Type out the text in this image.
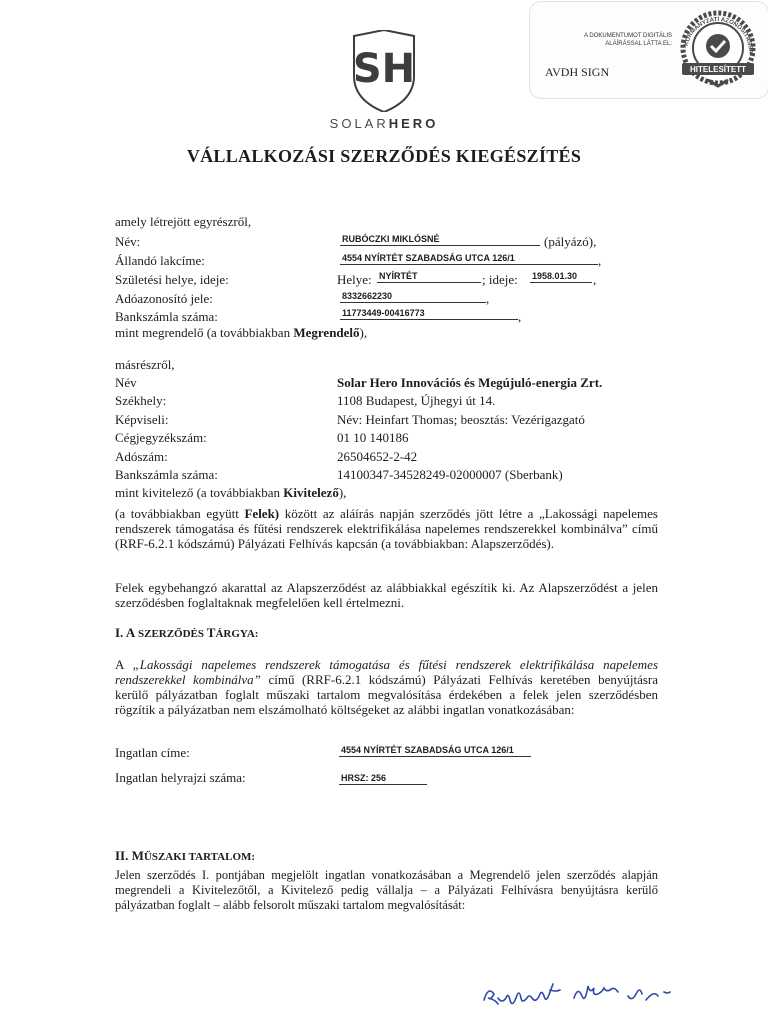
A DOKUMENTUMOT DIGITÁLIS
ALÁÍRÁSSAL LÁTTA EL:
AVDH SIGN
KORMÁNYZATI AZONOSÍTÁSSA
HITELESÍTETT
SH
SOLARHERO
VÁLLALKOZÁSI SZERZŐDÉS KIEGÉSZÍTÉS
amely létrejött egyrészről,
Név:	RUBÓCZKI MIKLÓSNÉ	(pályázó),
Állandó lakcíme:	4554 NYÍRTÉT SZABADSÁG UTCA 126/1	,
Születési helye, ideje:	Helye: NYÍRTÉT	; ideje: 1958.01.30	,
Adóazonosító jele:	8332662230	,
Bankszámla száma:	11773449-00416773	,
mint megrendelő (a továbbiakban Megrendelő),
másrészről,
Név	Solar Hero Innovációs és Megújuló-energia Zrt.
Székhely:	1108 Budapest, Újhegyi út 14.
Képviseli:	Név: Heinfart Thomas; beosztás: Vezérigazgató
Cégjegyzékszám:	01 10 140186
Adószám:	26504652-2-42
Bankszámla száma:	14100347-34528249-02000007 (Sberbank)
mint kivitelező (a továbbiakban Kivitelező),
(a továbbiakban együtt Felek) között az aláírás napján szerződés jött létre a „Lakossági napelemes rendszerek támogatása és fűtési rendszerek elektrifikálása napelemes rendszerekkel kombinálva” című (RRF-6.2.1 kódszámú) Pályázati Felhívás kapcsán (a továbbiakban: Alapszerződés).
Felek egybehangzó akarattal az Alapszerződést az alábbiakkal egészítik ki. Az Alapszerződést a jelen szerződésben foglaltaknak megfelelően kell értelmezni.
I. A SZERZŐDÉS TÁRGYA:
A „Lakossági napelemes rendszerek támogatása és fűtési rendszerek elektrifikálása napelemes rendszerekkel kombinálva” című (RRF-6.2.1 kódszámú) Pályázati Felhívás keretében benyújtásra kerülő pályázatban foglalt műszaki tartalom megvalósítása érdekében a felek jelen szerződésben rögzítik a pályázatban nem elszámolható költségeket az alábbi ingatlan vonatkozásában:
Ingatlan címe:	4554 NYÍRTÉT SZABADSÁG UTCA 126/1
Ingatlan helyrajzi száma:	HRSZ: 256
II. MŰSZAKI TARTALOM:
Jelen szerződés I. pontjában megjelölt ingatlan vonatkozásában a Megrendelő jelen szerződés alapján megrendeli a Kivitelezőtől, a Kivitelező pedig vállalja – a Pályázati Felhívásra benyújtásra kerülő pályázatban foglalt – alább felsorolt műszaki tartalom megvalósítását:
